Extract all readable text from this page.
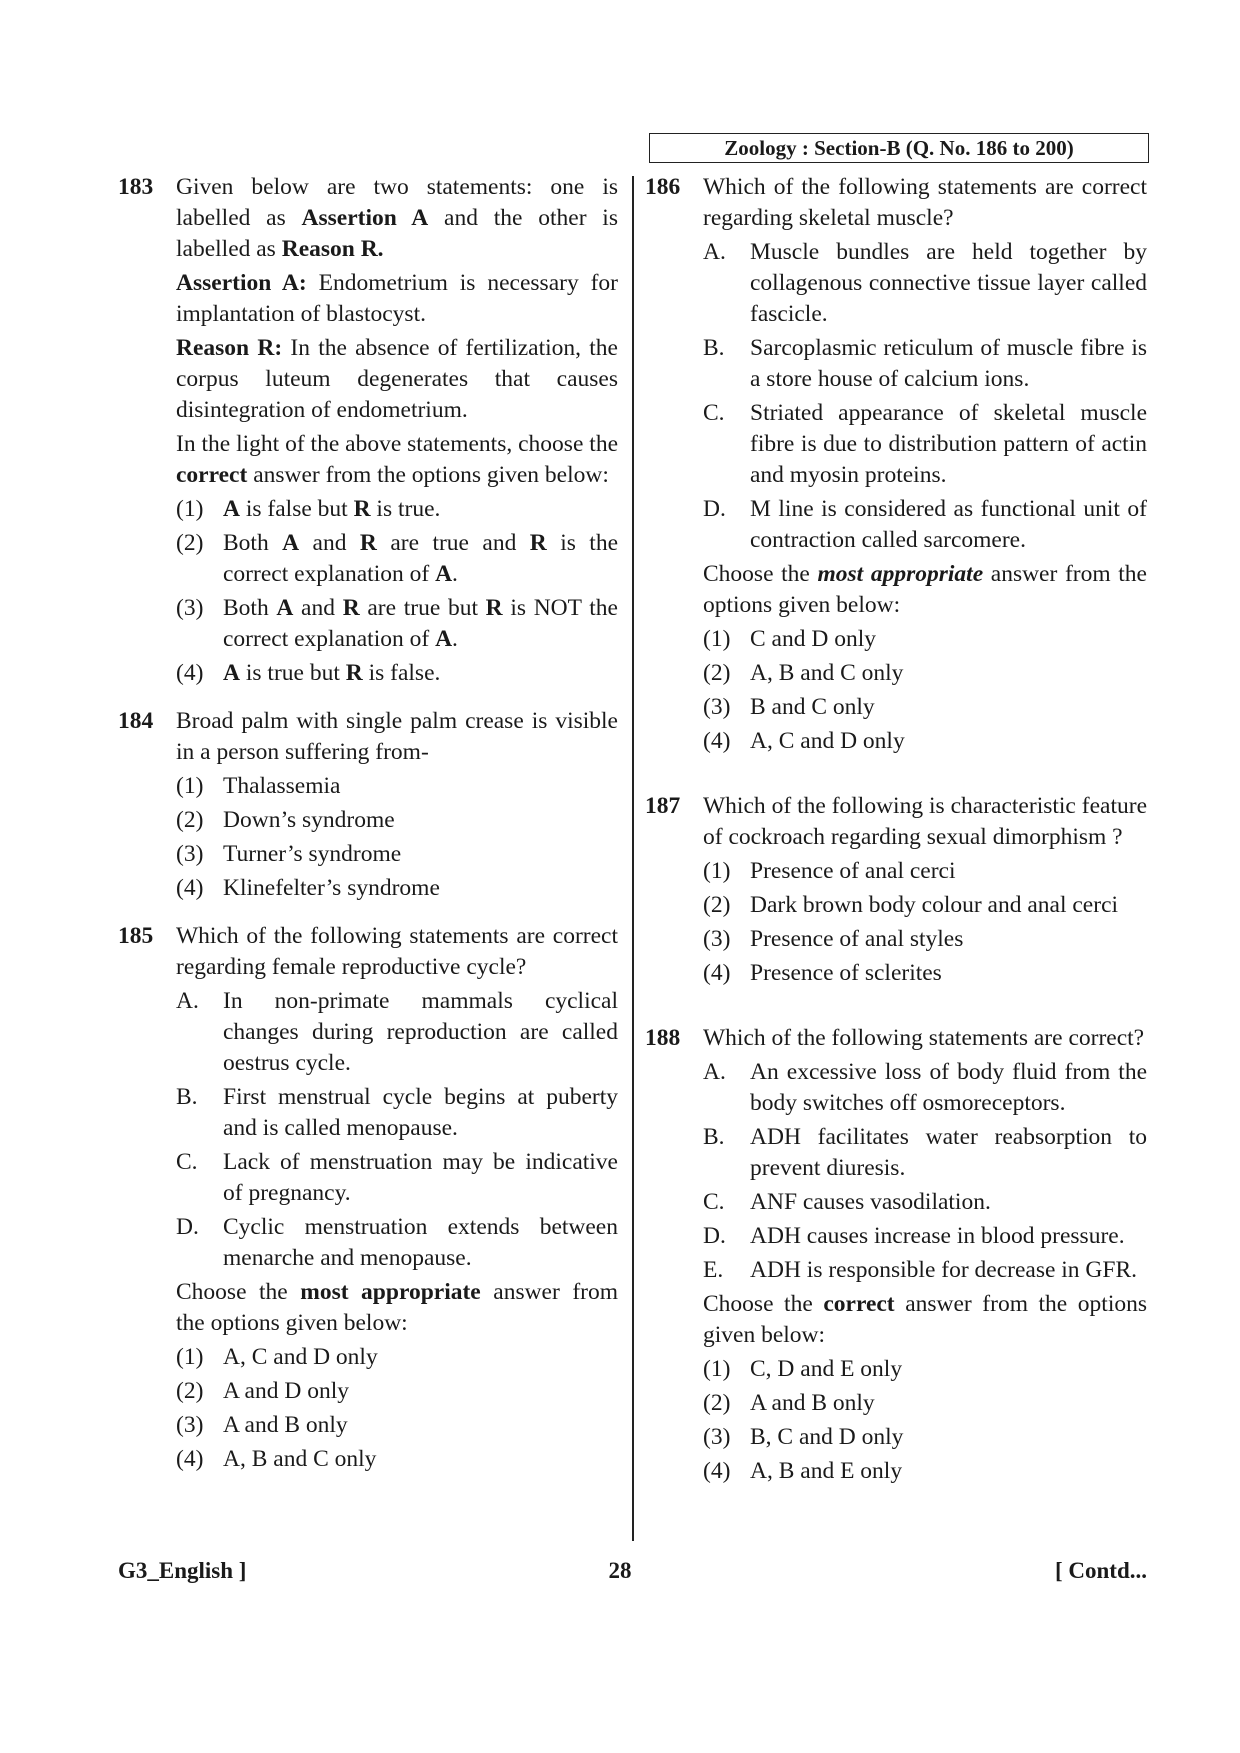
Zoology : Section-B (Q. No. 186 to 200)
183 Given below are two statements: one is labelled as Assertion A and the other is labelled as Reason R.
Assertion A: Endometrium is necessary for implantation of blastocyst.
Reason R: In the absence of fertilization, the corpus luteum degenerates that causes disintegration of endometrium.
In the light of the above statements, choose the correct answer from the options given below:
(1) A is false but R is true.
(2) Both A and R are true and R is the correct explanation of A.
(3) Both A and R are true but R is NOT the correct explanation of A.
(4) A is true but R is false.
184 Broad palm with single palm crease is visible in a person suffering from-
(1) Thalassemia
(2) Down’s syndrome
(3) Turner’s syndrome
(4) Klinefelter’s syndrome
185 Which of the following statements are correct regarding female reproductive cycle?
A. In non-primate mammals cyclical changes during reproduction are called oestrus cycle.
B. First menstrual cycle begins at puberty and is called menopause.
C. Lack of menstruation may be indicative of pregnancy.
D. Cyclic menstruation extends between menarche and menopause.
Choose the most appropriate answer from the options given below:
(1) A, C and D only
(2) A and D only
(3) A and B only
(4) A, B and C only
186 Which of the following statements are correct regarding skeletal muscle?
A. Muscle bundles are held together by collagenous connective tissue layer called fascicle.
B. Sarcoplasmic reticulum of muscle fibre is a store house of calcium ions.
C. Striated appearance of skeletal muscle fibre is due to distribution pattern of actin and myosin proteins.
D. M line is considered as functional unit of contraction called sarcomere.
Choose the most appropriate answer from the options given below:
(1) C and D only
(2) A, B and C only
(3) B and C only
(4) A, C and D only
187 Which of the following is characteristic feature of cockroach regarding sexual dimorphism ?
(1) Presence of anal cerci
(2) Dark brown body colour and anal cerci
(3) Presence of anal styles
(4) Presence of sclerites
188 Which of the following statements are correct?
A. An excessive loss of body fluid from the body switches off osmoreceptors.
B. ADH facilitates water reabsorption to prevent diuresis.
C. ANF causes vasodilation.
D. ADH causes increase in blood pressure.
E. ADH is responsible for decrease in GFR.
Choose the correct answer from the options given below:
(1) C, D and E only
(2) A and B only
(3) B, C and D only
(4) A, B and E only
G3_English ]	28	[ Contd...
